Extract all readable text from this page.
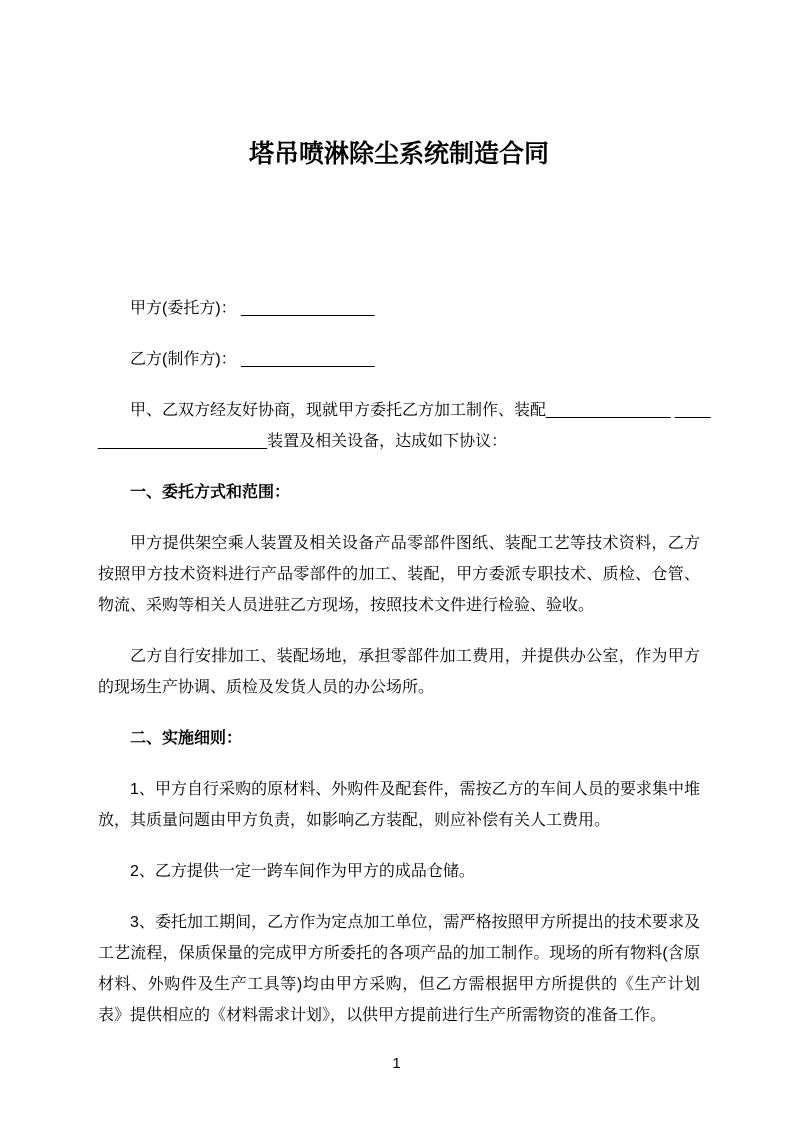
塔吊喷淋除尘系统制造合同

甲方(委托方)： _______________

乙方(制作方)： _______________

甲、乙双方经友好协商，现就甲方委托乙方加工制作、装配______________ ____
___________________装置及相关设备，达成如下协议：

一、委托方式和范围：

甲方提供架空乘人装置及相关设备产品零部件图纸、装配工艺等技术资料，乙方按照甲方技术资料进行产品零部件的加工、装配，甲方委派专职技术、质检、仓管、物流、采购等相关人员进驻乙方现场，按照技术文件进行检验、验收。

乙方自行安排加工、装配场地，承担零部件加工费用，并提供办公室，作为甲方的现场生产协调、质检及发货人员的办公场所。

二、实施细则：

1、甲方自行采购的原材料、外购件及配套件，需按乙方的车间人员的要求集中堆放，其质量问题由甲方负责，如影响乙方装配，则应补偿有关人工费用。

2、乙方提供一定一跨车间作为甲方的成品仓储。

3、委托加工期间，乙方作为定点加工单位，需严格按照甲方所提出的技术要求及工艺流程，保质保量的完成甲方所委托的各项产品的加工制作。现场的所有物料(含原材料、外购件及生产工具等)均由甲方采购，但乙方需根据甲方所提供的《生产计划表》提供相应的《材料需求计划》，以供甲方提前进行生产所需物资的准备工作。

1
